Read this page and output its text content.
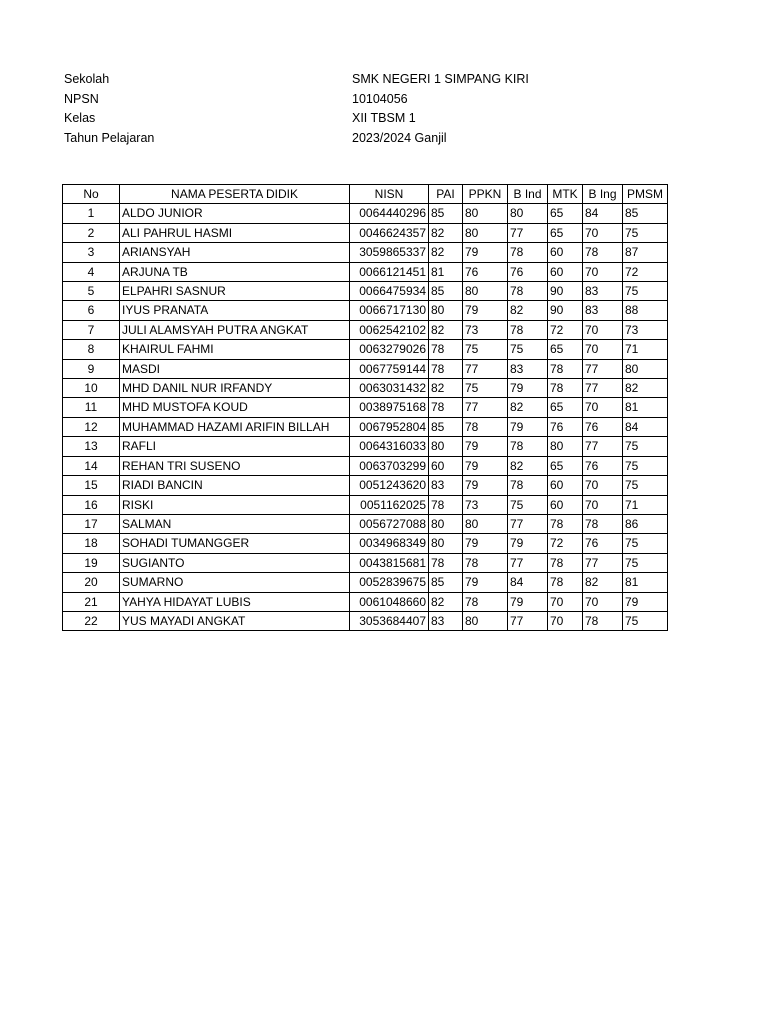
Sekolah	SMK NEGERI 1 SIMPANG KIRI
NPSN	10104056
Kelas	XII TBSM 1
Tahun Pelajaran	2023/2024 Ganjil
No	NAMA PESERTA DIDIK	NISN	PAI	PPKN	B Ind	MTK	B Ing	PMSM
1	ALDO JUNIOR	0064440296	85	80	80	65	84	85
2	ALI PAHRUL HASMI	0046624357	82	80	77	65	70	75
3	ARIANSYAH	3059865337	82	79	78	60	78	87
4	ARJUNA TB	0066121451	81	76	76	60	70	72
5	ELPAHRI SASNUR	0066475934	85	80	78	90	83	75
6	IYUS PRANATA	0066717130	80	79	82	90	83	88
7	JULI ALAMSYAH PUTRA ANGKAT	0062542102	82	73	78	72	70	73
8	KHAIRUL FAHMI	0063279026	78	75	75	65	70	71
9	MASDI	0067759144	78	77	83	78	77	80
10	MHD DANIL NUR IRFANDY	0063031432	82	75	79	78	77	82
11	MHD MUSTOFA KOUD	0038975168	78	77	82	65	70	81
12	MUHAMMAD HAZAMI ARIFIN BILLAH	0067952804	85	78	79	76	76	84
13	RAFLI	0064316033	80	79	78	80	77	75
14	REHAN TRI SUSENO	0063703299	60	79	82	65	76	75
15	RIADI BANCIN	0051243620	83	79	78	60	70	75
16	RISKI	0051162025	78	73	75	60	70	71
17	SALMAN	0056727088	80	80	77	78	78	86
18	SOHADI TUMANGGER	0034968349	80	79	79	72	76	75
19	SUGIANTO	0043815681	78	78	77	78	77	75
20	SUMARNO	0052839675	85	79	84	78	82	81
21	YAHYA HIDAYAT LUBIS	0061048660	82	78	79	70	70	79
22	YUS MAYADI ANGKAT	3053684407	83	80	77	70	78	75
